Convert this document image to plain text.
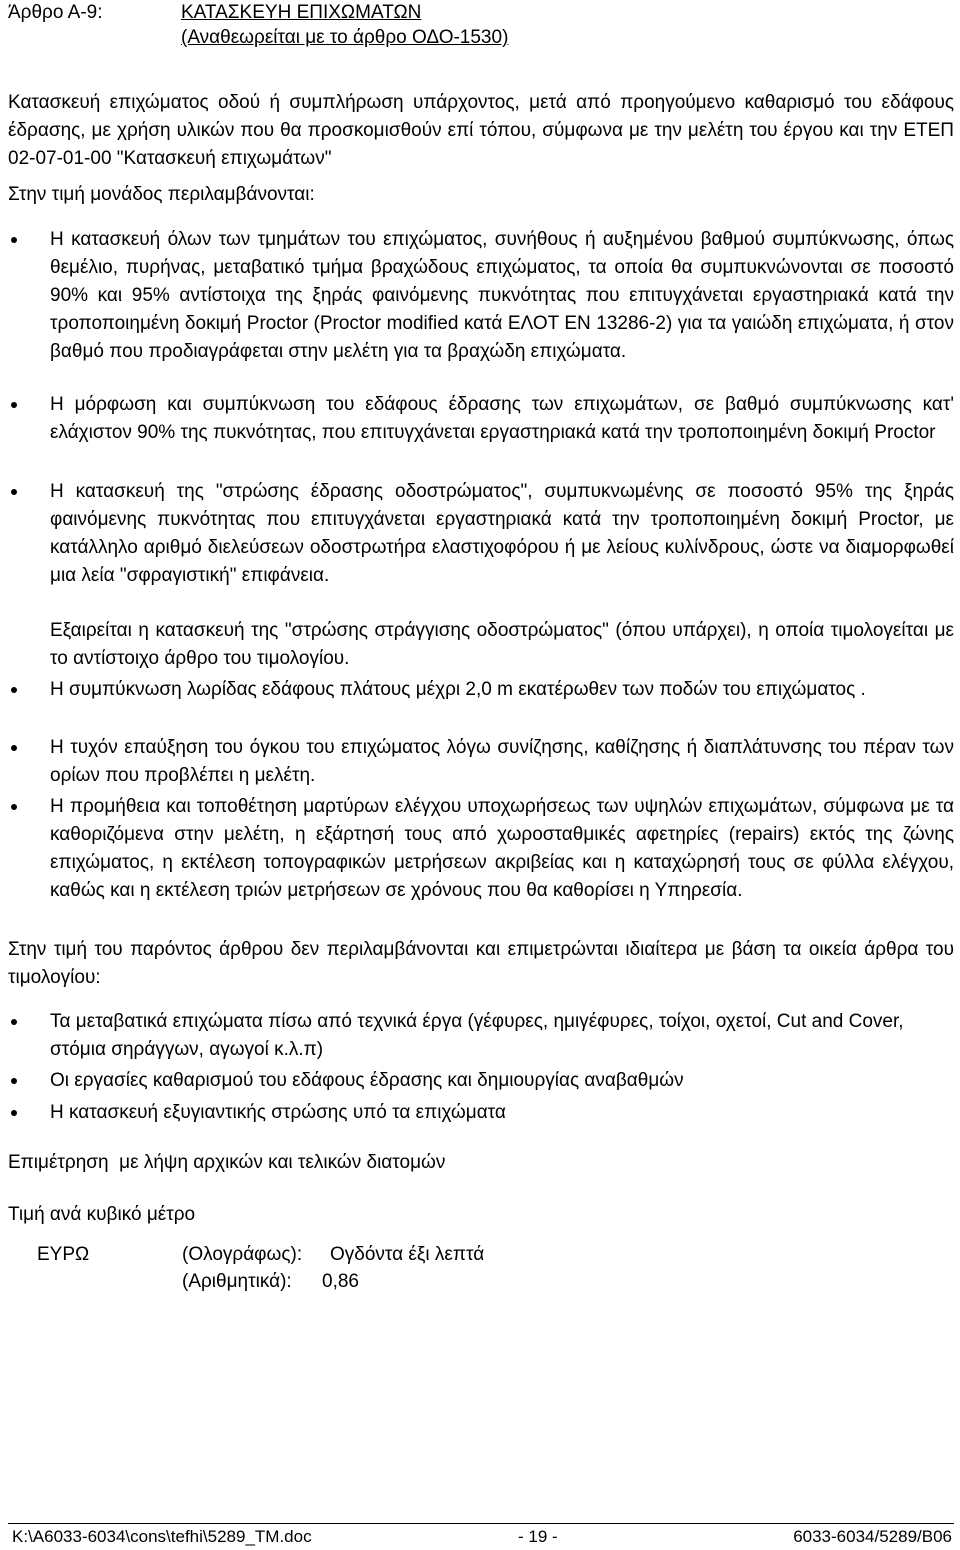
Άρθρο Α-9:	ΚΑΤΑΣΚΕΥΗ ΕΠΙΧΩΜΑΤΩΝ
(Αναθεωρείται με το άρθρο ΟΔΟ-1530)
Κατασκευή επιχώματος οδού ή συμπλήρωση υπάρχοντος, μετά από προηγούμενο καθαρισμό του εδάφους έδρασης, με χρήση υλικών που θα προσκομισθούν επί τόπου, σύμφωνα με την μελέτη του έργου και την ΕΤΕΠ 02-07-01-00 "Κατασκευή επιχωμάτων"
Στην τιμή μονάδος περιλαμβάνονται:
Η κατασκευή όλων των τμημάτων του επιχώματος, συνήθους ή αυξημένου βαθμού συμπύκνωσης, όπως θεμέλιο, πυρήνας, μεταβατικό τμήμα βραχώδους επιχώματος, τα οποία θα συμπυκνώνονται σε ποσοστό 90% και 95% αντίστοιχα της ξηράς φαινόμενης πυκνότητας που επιτυγχάνεται εργαστηριακά κατά την τροποποιημένη δοκιμή Proctor (Proctor modified κατά ΕΛΟΤ ΕΝ 13286-2) για τα γαιώδη επιχώματα, ή στον βαθμό που προδιαγράφεται στην μελέτη για τα βραχώδη επιχώματα.
Η μόρφωση και συμπύκνωση του εδάφους έδρασης των επιχωμάτων, σε βαθμό συμπύκνωσης κατ' ελάχιστον 90% της πυκνότητας, που επιτυγχάνεται εργαστηριακά κατά την τροποποιημένη δοκιμή Proctor
Η κατασκευή της "στρώσης έδρασης οδοστρώματος", συμπυκνωμένης σε ποσοστό 95% της ξηράς φαινόμενης πυκνότητας που επιτυγχάνεται εργαστηριακά κατά την τροποποιημένη δοκιμή Proctor, με κατάλληλο αριθμό διελεύσεων οδοστρωτήρα ελαστιχοφόρου ή με λείους κυλίνδρους, ώστε να διαμορφωθεί μια λεία "σφραγιστική" επιφάνεια.
Εξαιρείται η κατασκευή της "στρώσης στράγγισης οδοστρώματος" (όπου υπάρχει), η οποία τιμολογείται με το αντίστοιχο άρθρο του τιμολογίου.
Η συμπύκνωση λωρίδας εδάφους πλάτους μέχρι 2,0 m εκατέρωθεν των ποδών του επιχώματος .
Η τυχόν επαύξηση του όγκου του επιχώματος λόγω συνίζησης, καθίζησης ή διαπλάτυνσης του πέραν των ορίων που προβλέπει η μελέτη.
Η προμήθεια και τοποθέτηση μαρτύρων ελέγχου υποχωρήσεως των υψηλών επιχωμάτων, σύμφωνα με τα καθοριζόμενα στην μελέτη, η εξάρτησή τους από χωροσταθμικές αφετηρίες (repairs) εκτός της ζώνης επιχώματος, η εκτέλεση τοπογραφικών μετρήσεων ακριβείας και η καταχώρησή τους σε φύλλα ελέγχου, καθώς και η εκτέλεση τριών μετρήσεων σε χρόνους που θα καθορίσει η Υπηρεσία.
Στην τιμή του παρόντος άρθρου δεν περιλαμβάνονται και επιμετρώνται ιδιαίτερα με βάση τα οικεία άρθρα του τιμολογίου:
Τα μεταβατικά επιχώματα πίσω από τεχνικά έργα (γέφυρες, ημιγέφυρες, τοίχοι, οχετοί, Cut and Cover, στόμια σηράγγων, αγωγοί κ.λ.π)
Οι εργασίες καθαρισμού του εδάφους έδρασης και δημιουργίας αναβαθμών
Η κατασκευή εξυγιαντικής στρώσης υπό τα επιχώματα
Επιμέτρηση  με λήψη αρχικών και τελικών διατομών
Τιμή ανά κυβικό μέτρο
ΕΥΡΩ	(Ολογράφως): Ογδόντα έξι λεπτά
(Αριθμητικά): 0,86
K:\A6033-6034\cons\tefhi\5289_TM.doc	- 19 -	6033-6034/5289/B06
